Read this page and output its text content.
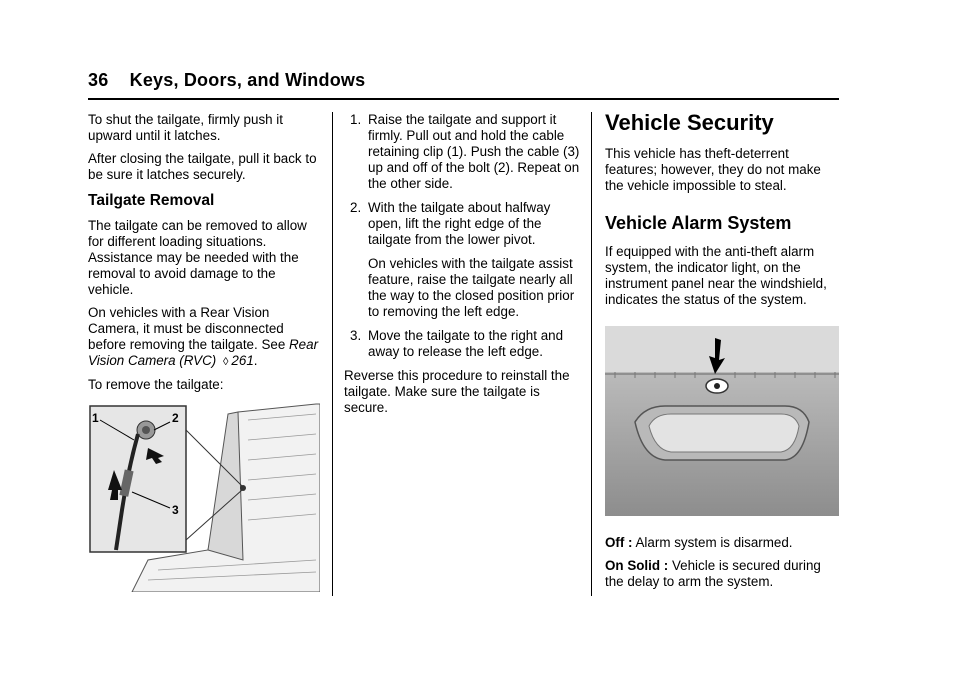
36 Keys, Doors, and Windows

To shut the tailgate, firmly push it upward until it latches.

After closing the tailgate, pull it back to be sure it latches securely.

Tailgate Removal

The tailgate can be removed to allow for different loading situations. Assistance may be needed with the removal to avoid damage to the vehicle.

On vehicles with a Rear Vision Camera, it must be disconnected before removing the tailgate. See Rear Vision Camera (RVC) ◊ 261.

To remove the tailgate:

1	2
3
1. Raise the tailgate and support it firmly. Pull out and hold the cable retaining clip (1). Push the cable (3) up and off of the bolt (2). Repeat on the other side.
2. With the tailgate about halfway open, lift the right edge of the tailgate from the lower pivot.
On vehicles with the tailgate assist feature, raise the tailgate nearly all the way to the closed position prior to removing the left edge.
3. Move the tailgate to the right and away to release the left edge.

Reverse this procedure to reinstall the tailgate. Make sure the tailgate is secure.

Vehicle Security

This vehicle has theft-deterrent features; however, they do not make the vehicle impossible to steal.

Vehicle Alarm System

If equipped with the anti-theft alarm system, the indicator light, on the instrument panel near the windshield, indicates the status of the system.

Off : Alarm system is disarmed.

On Solid : Vehicle is secured during the delay to arm the system.
